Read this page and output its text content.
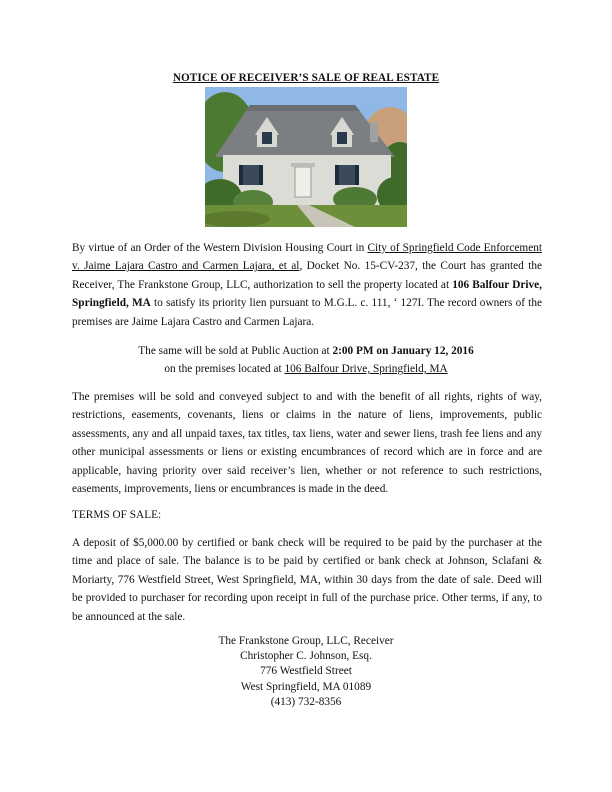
NOTICE OF RECEIVER’S SALE OF REAL ESTATE

By virtue of an Order of the Western Division Housing Court in City of Springfield Code Enforcement v. Jaime Lajara Castro and Carmen Lajara, et al, Docket No. 15-CV-237, the Court has granted the Receiver, The Frankstone Group, LLC, authorization to sell the property located at 106 Balfour Drive, Springfield, MA to satisfy its priority lien pursuant to M.G.L. c. 111, ‘ 127I. The record owners of the premises are Jaime Lajara Castro and Carmen Lajara.

The same will be sold at Public Auction at 2:00 PM on January 12, 2016
on the premises located at 106 Balfour Drive, Springfield, MA

The premises will be sold and conveyed subject to and with the benefit of all rights, rights of way, restrictions, easements, covenants, liens or claims in the nature of liens, improvements, public assessments, any and all unpaid taxes, tax titles, tax liens, water and sewer liens, trash fee liens and any other municipal assessments or liens or existing encumbrances of record which are in force and are applicable, having priority over said receiver’s lien, whether or not reference to such restrictions, easements, improvements, liens or encumbrances is made in the deed.

TERMS OF SALE:

A deposit of $5,000.00 by certified or bank check will be required to be paid by the purchaser at the time and place of sale. The balance is to be paid by certified or bank check at Johnson, Sclafani & Moriarty, 776 Westfield Street, West Springfield, MA, within 30 days from the date of sale. Deed will be provided to purchaser for recording upon receipt in full of the purchase price. Other terms, if any, to be announced at the sale.

The Frankstone Group, LLC, Receiver
Christopher C. Johnson, Esq.
776 Westfield Street
West Springfield, MA 01089
(413) 732-8356
